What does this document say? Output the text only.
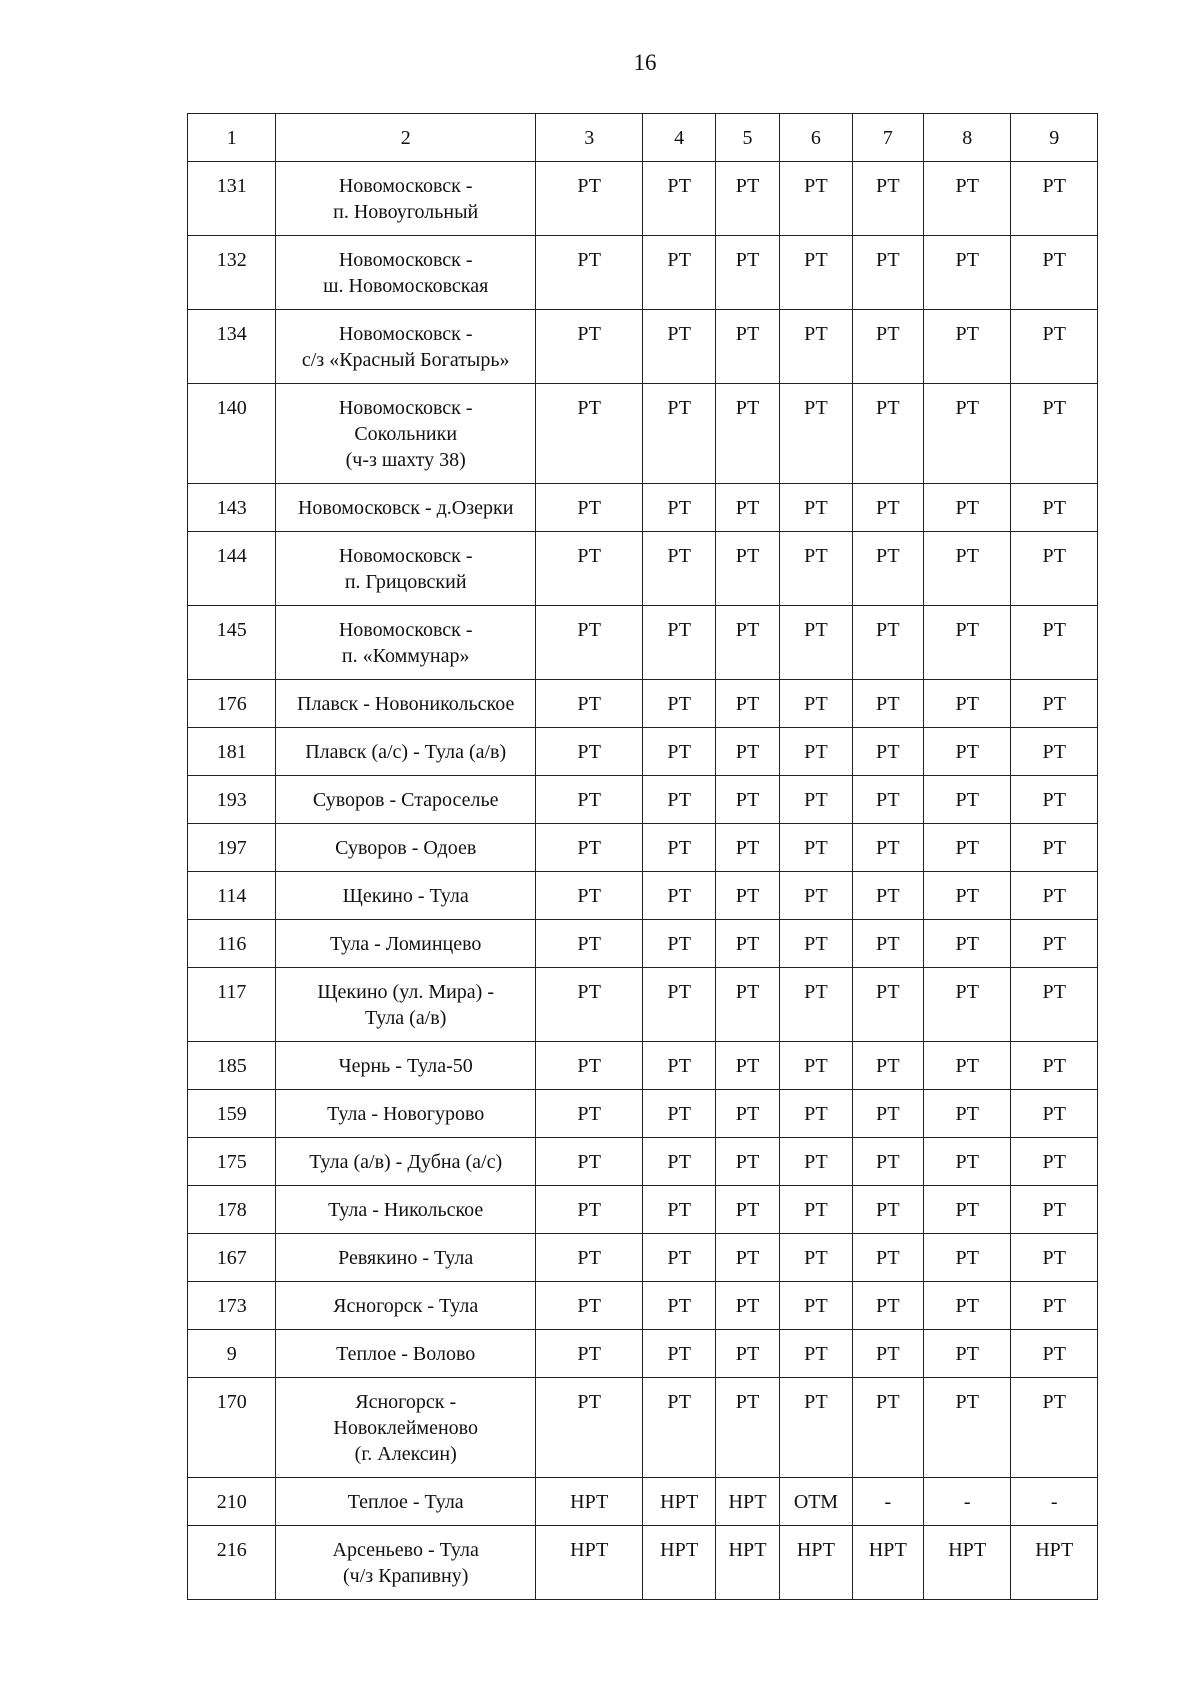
16
1	2	3	4	5	6	7	8	9
131	Новомосковск -
п. Новоугольный	РТ	РТ	РТ	РТ	РТ	РТ	РТ
132	Новомосковск -
ш. Новомосковская	РТ	РТ	РТ	РТ	РТ	РТ	РТ
134	Новомосковск -
с/з «Красный Богатырь»	РТ	РТ	РТ	РТ	РТ	РТ	РТ
140	Новомосковск -
Сокольники
(ч-з шахту 38)	РТ	РТ	РТ	РТ	РТ	РТ	РТ
143	Новомосковск - д.Озерки	РТ	РТ	РТ	РТ	РТ	РТ	РТ
144	Новомосковск -
п. Грицовский	РТ	РТ	РТ	РТ	РТ	РТ	РТ
145	Новомосковск -
п. «Коммунар»	РТ	РТ	РТ	РТ	РТ	РТ	РТ
176	Плавск - Новоникольское	РТ	РТ	РТ	РТ	РТ	РТ	РТ
181	Плавск (а/с) - Тула (а/в)	РТ	РТ	РТ	РТ	РТ	РТ	РТ
193	Суворов - Староселье	РТ	РТ	РТ	РТ	РТ	РТ	РТ
197	Суворов - Одоев	РТ	РТ	РТ	РТ	РТ	РТ	РТ
114	Щекино - Тула	РТ	РТ	РТ	РТ	РТ	РТ	РТ
116	Тула - Ломинцево	РТ	РТ	РТ	РТ	РТ	РТ	РТ
117	Щекино (ул. Мира) -
Тула (а/в)	РТ	РТ	РТ	РТ	РТ	РТ	РТ
185	Чернь - Тула-50	РТ	РТ	РТ	РТ	РТ	РТ	РТ
159	Тула - Новогурово	РТ	РТ	РТ	РТ	РТ	РТ	РТ
175	Тула (а/в) - Дубна (а/с)	РТ	РТ	РТ	РТ	РТ	РТ	РТ
178	Тула - Никольское	РТ	РТ	РТ	РТ	РТ	РТ	РТ
167	Ревякино - Тула	РТ	РТ	РТ	РТ	РТ	РТ	РТ
173	Ясногорск - Тула	РТ	РТ	РТ	РТ	РТ	РТ	РТ
9	Теплое - Волово	РТ	РТ	РТ	РТ	РТ	РТ	РТ
170	Ясногорск -
Новоклейменово
(г. Алексин)	РТ	РТ	РТ	РТ	РТ	РТ	РТ
210	Теплое - Тула	НРТ	НРТ	НРТ	ОТМ	-	-	-
216	Арсеньево - Тула
(ч/з Крапивну)	НРТ	НРТ	НРТ	НРТ	НРТ	НРТ	НРТ
